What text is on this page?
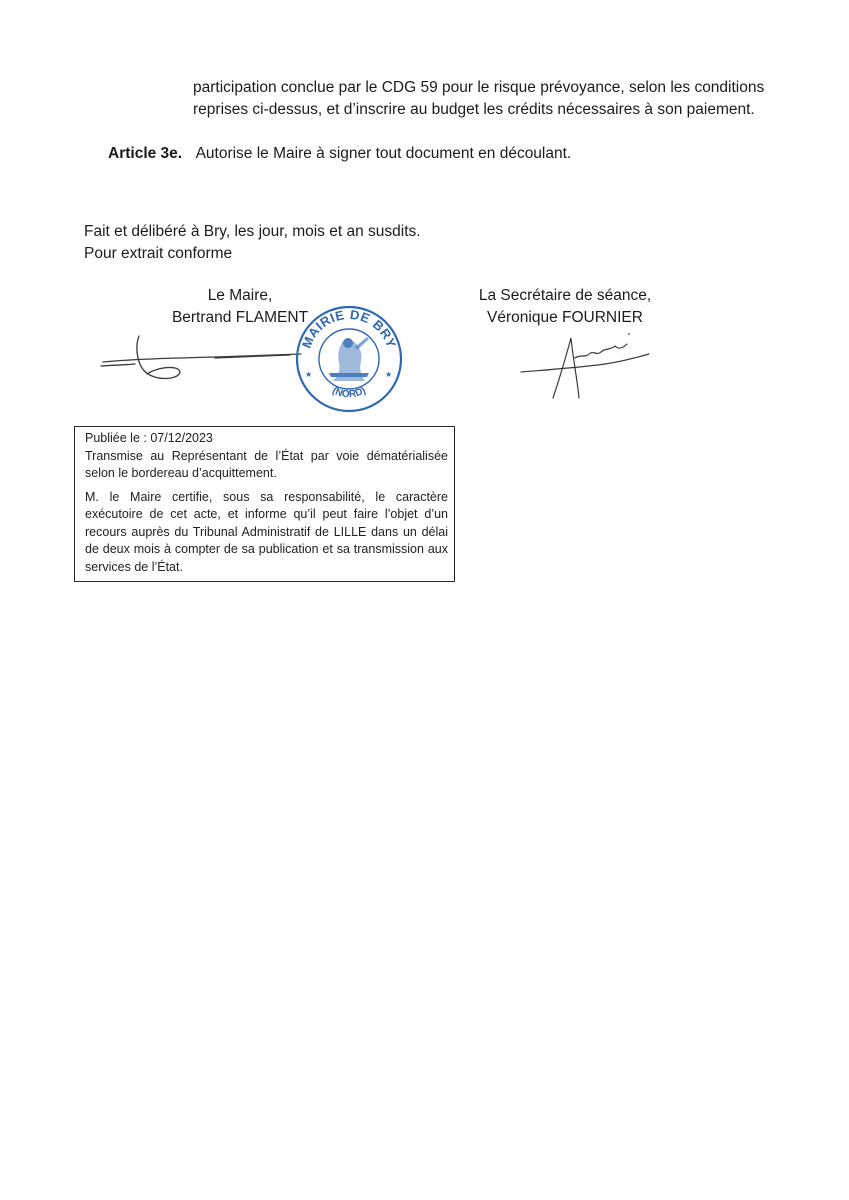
participation conclue par le CDG 59 pour le risque prévoyance, selon les conditions
reprises ci-dessus, et d’inscrire au budget les crédits nécessaires à son paiement.
Article 3e. Autorise le Maire à signer tout document en découlant.
Fait et délibéré à Bry, les jour, mois et an susdits.
Pour extrait conforme
Le Maire,
Bertrand FLAMENT
La Secrétaire de séance,
Véronique FOURNIER
MAIRIE DE BRY
(NORD)
★	★

Publiée le : 07/12/2023

Transmise au Représentant de l’État par voie dématérialisée selon le bordereau d’acquittement.

M. le Maire certifie, sous sa responsabilité, le caractère exécutoire de cet acte, et informe qu’il peut faire l’objet d’un recours auprès du Tribunal Administratif de LILLE dans un délai de deux mois à compter de sa publication et sa transmission aux services de l’État.
